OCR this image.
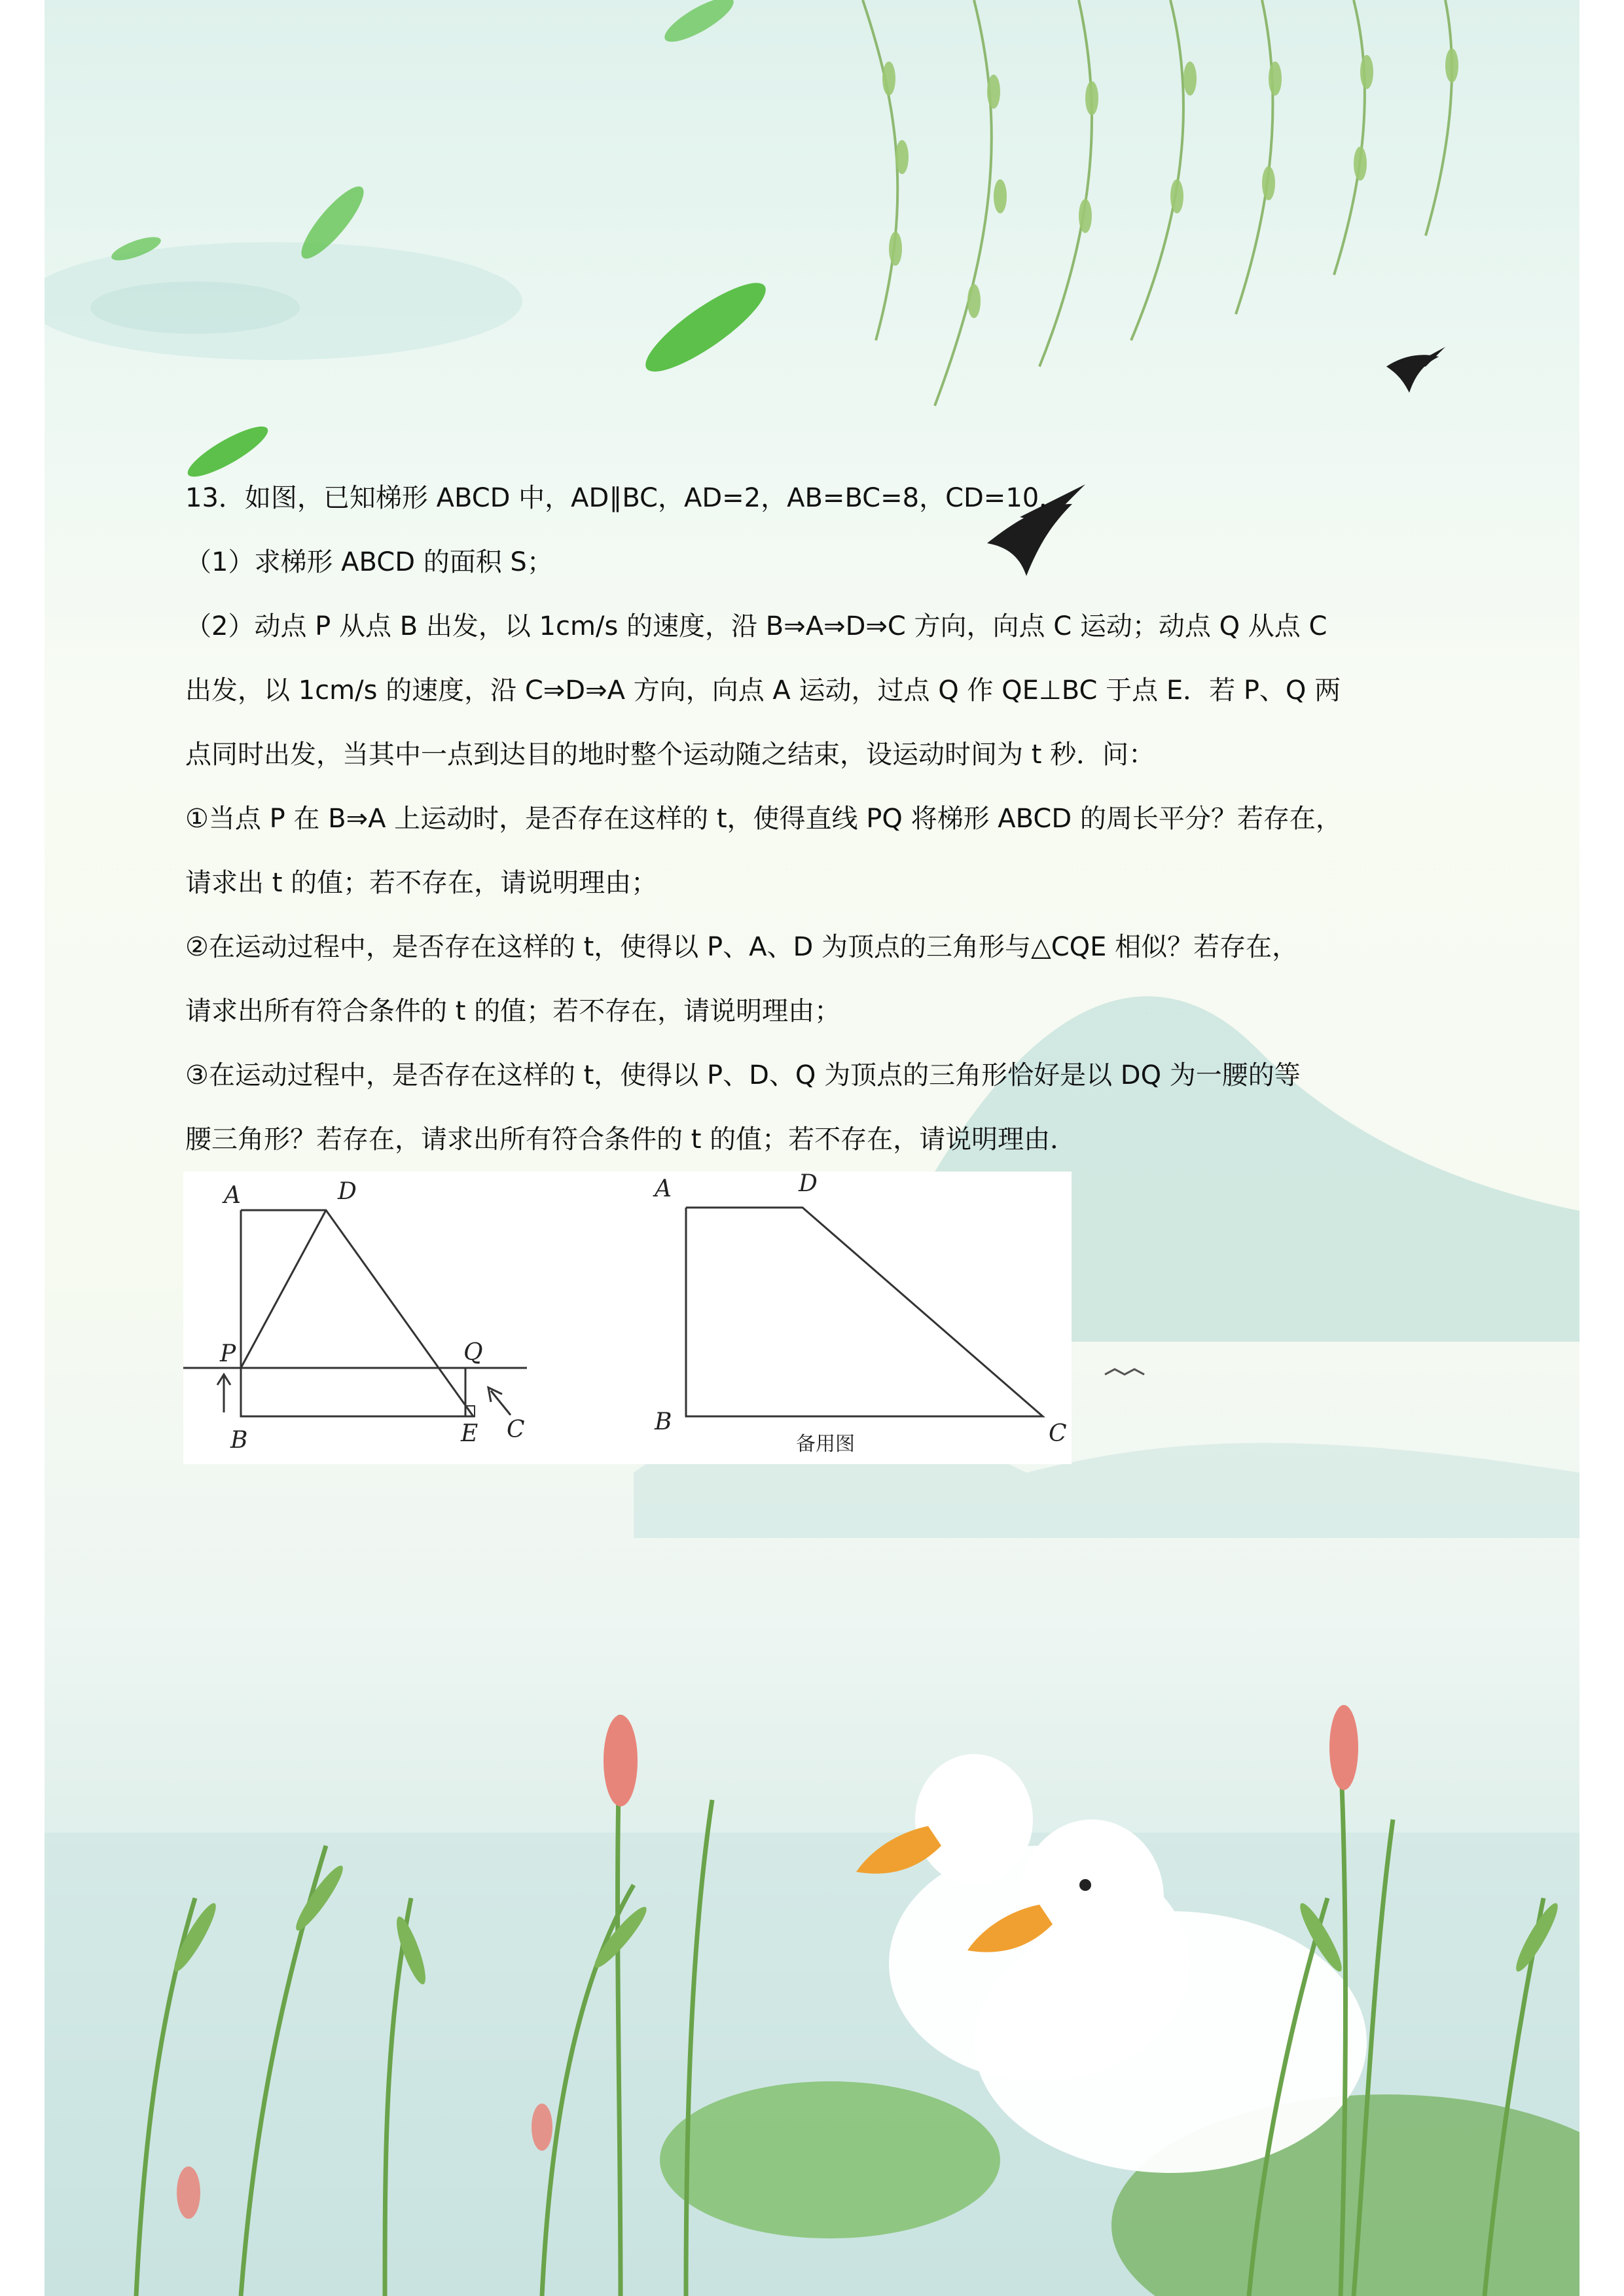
13．如图，已知梯形 ABCD 中，AD∥BC，AD=2，AB=BC=8，CD=10．
（1）求梯形 ABCD 的面积 S；
（2）动点 P 从点 B 出发，以 1cm/s 的速度，沿 B⇒A⇒D⇒C 方向，向点 C 运动；动点 Q 从点 C
出发，以 1cm/s 的速度，沿 C⇒D⇒A 方向，向点 A 运动，过点 Q 作 QE⊥BC 于点 E．若 P、Q 两
点同时出发，当其中一点到达目的地时整个运动随之结束，设运动时间为 t 秒．问：
①当点 P 在 B⇒A 上运动时，是否存在这样的 t，使得直线 PQ 将梯形 ABCD 的周长平分？若存在，
请求出 t 的值；若不存在，请说明理由；
②在运动过程中，是否存在这样的 t，使得以 P、A、D 为顶点的三角形与△CQE 相似？若存在，
请求出所有符合条件的 t 的值；若不存在，请说明理由；
③在运动过程中，是否存在这样的 t，使得以 P、D、Q 为顶点的三角形恰好是以 DQ 为一腰的等
腰三角形？若存在，请求出所有符合条件的 t 的值；若不存在，请说明理由．
A	D
P	Q
B	E C
A	D
B	C
备用图
